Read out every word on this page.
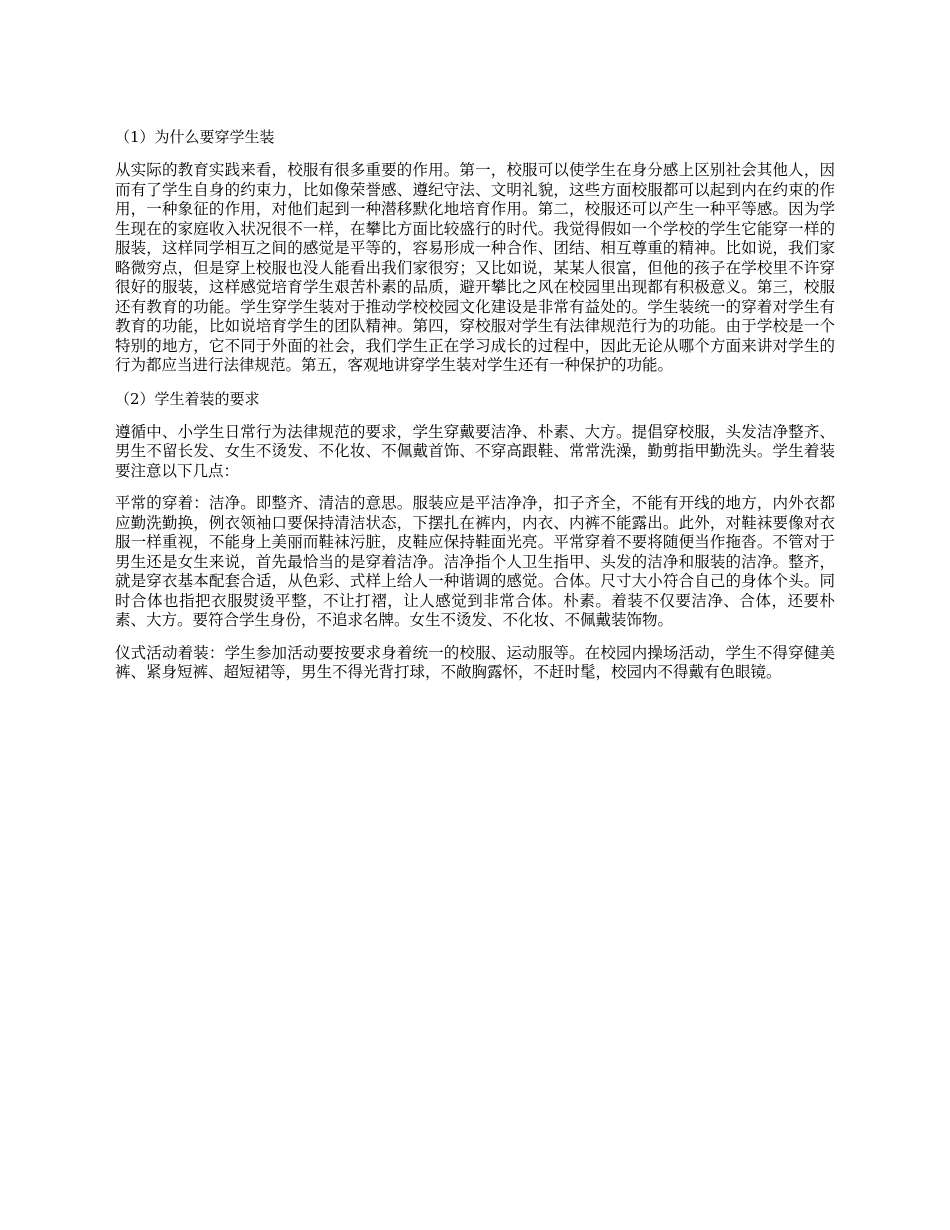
（1）为什么要穿学生装

从实际的教育实践来看，校服有很多重要的作用。第一，校服可以使学生在身分感上区别社会其他人，因而有了学生自身的约束力，比如像荣誉感、遵纪守法、文明礼貌，这些方面校服都可以起到内在约束的作用，一种象征的作用，对他们起到一种潜移默化地培育作用。第二，校服还可以产生一种平等感。因为学生现在的家庭收入状况很不一样，在攀比方面比较盛行的时代。我觉得假如一个学校的学生它能穿一样的服装，这样同学相互之间的感觉是平等的，容易形成一种合作、团结、相互尊重的精神。比如说，我们家略微穷点，但是穿上校服也没人能看出我们家很穷；又比如说，某某人很富，但他的孩子在学校里不许穿很好的服装，这样感觉培育学生艰苦朴素的品质，避开攀比之风在校园里出现都有积极意义。第三，校服还有教育的功能。学生穿学生装对于推动学校校园文化建设是非常有益处的。学生装统一的穿着对学生有教育的功能，比如说培育学生的团队精神。第四，穿校服对学生有法律规范行为的功能。由于学校是一个特别的地方，它不同于外面的社会，我们学生正在学习成长的过程中，因此无论从哪个方面来讲对学生的行为都应当进行法律规范。第五，客观地讲穿学生装对学生还有一种保护的功能。

（2）学生着装的要求

遵循中、小学生日常行为法律规范的要求，学生穿戴要洁净、朴素、大方。提倡穿校服，头发洁净整齐、男生不留长发、女生不烫发、不化妆、不佩戴首饰、不穿高跟鞋、常常洗澡，勤剪指甲勤洗头。学生着装要注意以下几点：

平常的穿着：洁净。即整齐、清洁的意思。服装应是平洁净净，扣子齐全，不能有开线的地方，内外衣都应勤洗勤换，例衣领袖口要保持清洁状态，下摆扎在裤内，内衣、内裤不能露出。此外，对鞋袜要像对衣服一样重视，不能身上美丽而鞋袜污脏，皮鞋应保持鞋面光亮。平常穿着不要将随便当作拖沓。不管对于男生还是女生来说，首先最恰当的是穿着洁净。洁净指个人卫生指甲、头发的洁净和服装的洁净。整齐，就是穿衣基本配套合适，从色彩、式样上给人一种谐调的感觉。合体。尺寸大小符合自己的身体个头。同时合体也指把衣服熨烫平整，不让打褶，让人感觉到非常合体。朴素。着装不仅要洁净、合体，还要朴素、大方。要符合学生身份，不追求名牌。女生不烫发、不化妆、不佩戴装饰物。

仪式活动着装：学生参加活动要按要求身着统一的校服、运动服等。在校园内操场活动，学生不得穿健美裤、紧身短裤、超短裙等，男生不得光背打球，不敞胸露怀，不赶时髦，校园内不得戴有色眼镜。
